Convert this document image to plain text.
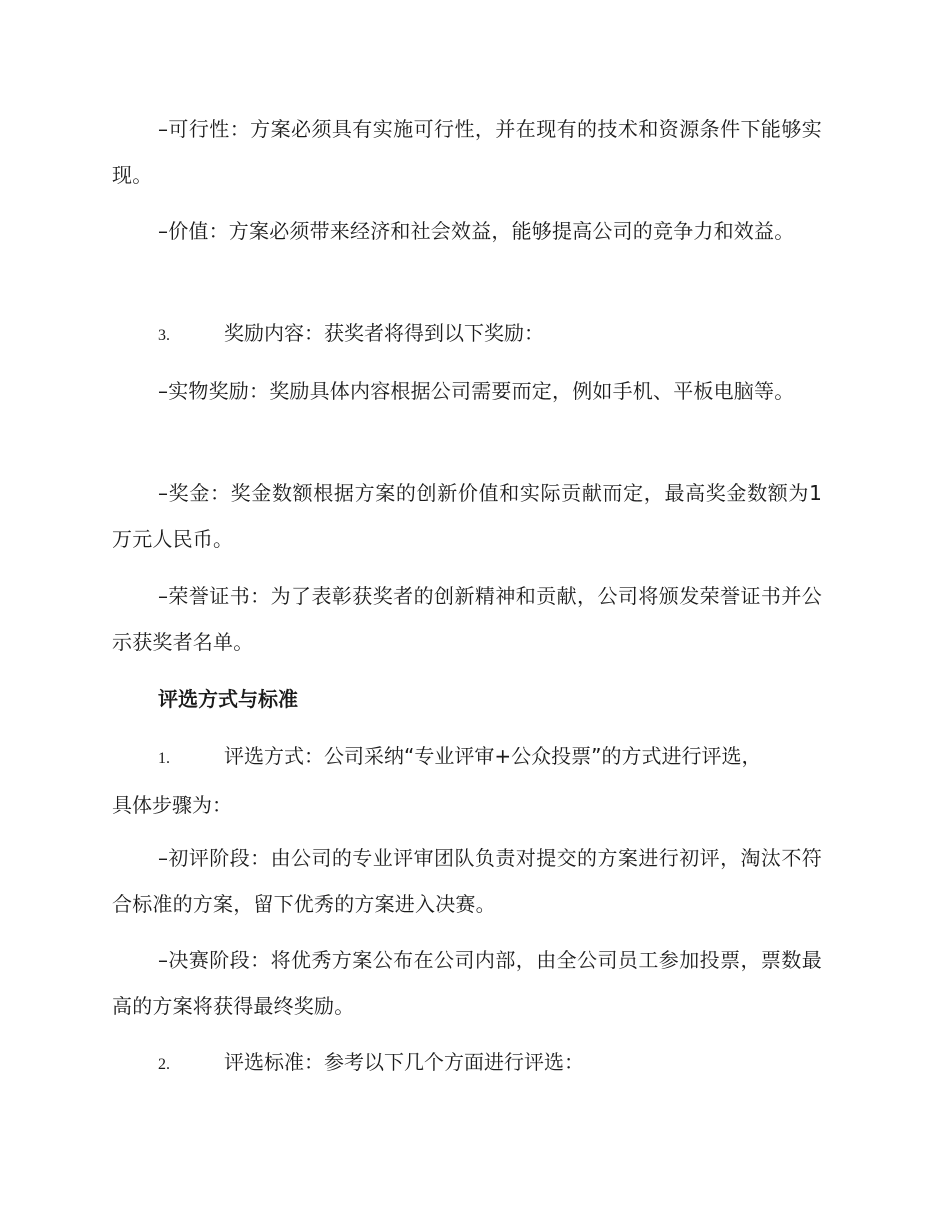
–可行性：方案必须具有实施可行性，并在现有的技术和资源条件下能够实现。

–价值：方案必须带来经济和社会效益，能够提高公司的竞争力和效益。

3.	奖励内容：获奖者将得到以下奖励：

–实物奖励：奖励具体内容根据公司需要而定，例如手机、平板电脑等。

–奖金：奖金数额根据方案的创新价值和实际贡献而定，最高奖金数额为1万元人民币。

–荣誉证书：为了表彰获奖者的创新精神和贡献，公司将颁发荣誉证书并公示获奖者名单。

评选方式与标准
1.	评选方式：公司采纳“专业评审+公众投票”的方式进行评选，
具体步骤为：

–初评阶段：由公司的专业评审团队负责对提交的方案进行初评，淘汰不符合标准的方案，留下优秀的方案进入决赛。

–决赛阶段：将优秀方案公布在公司内部，由全公司员工参加投票，票数最高的方案将获得最终奖励。

2.	评选标准：参考以下几个方面进行评选：
